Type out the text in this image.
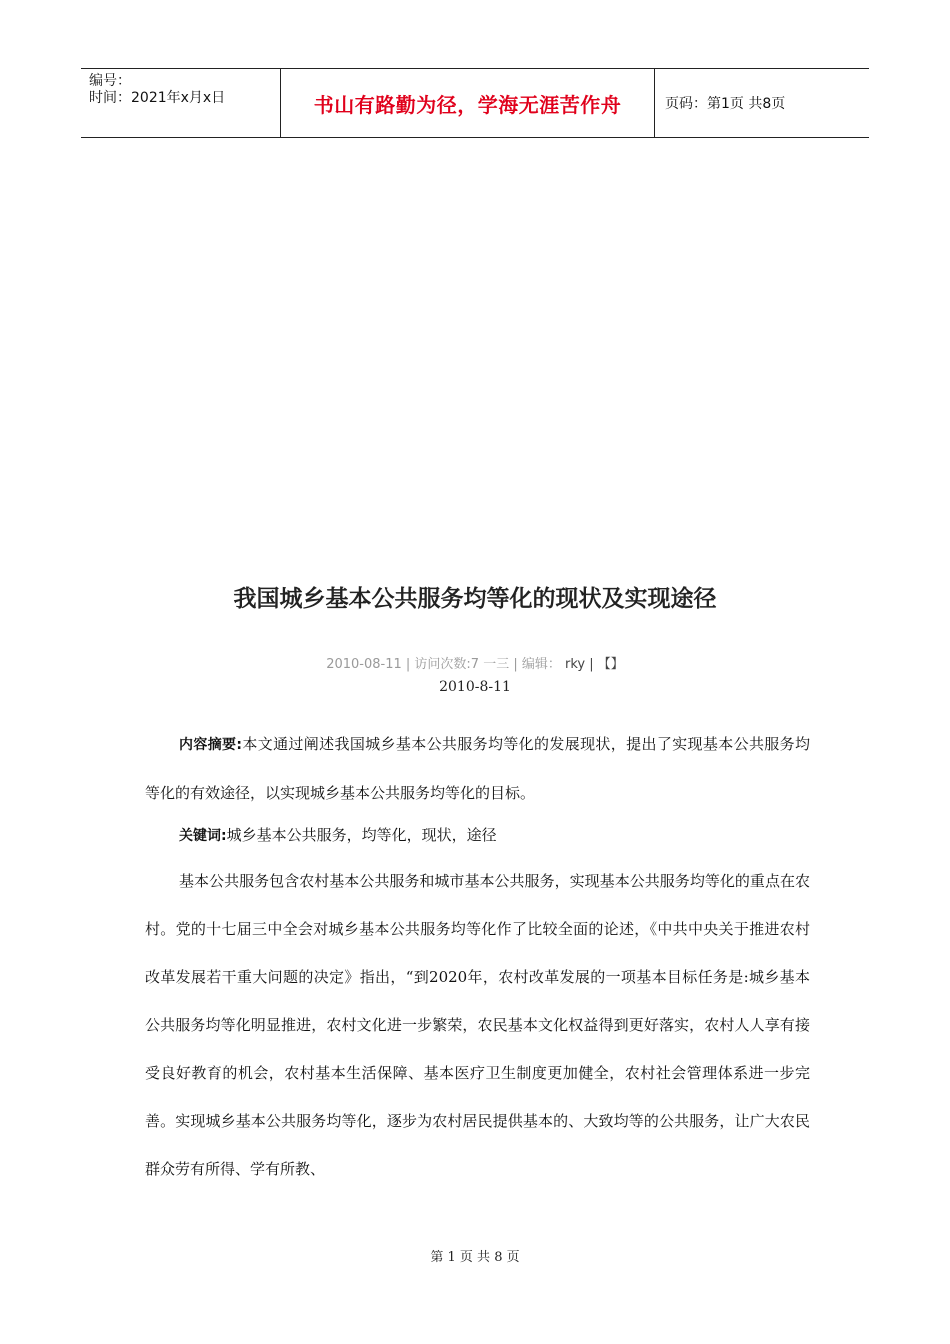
编号：
时间：2021年x月x日	书山有路勤为径，学海无涯苦作舟	页码：第1页 共8页
我国城乡基本公共服务均等化的现状及实现途径
2010-08-11 | 访问次数:7 一三 | 编辑： rky | 【】
2010-8-11

内容摘要:本文通过阐述我国城乡基本公共服务均等化的发展现状，提出了实现基本公共服务均等化的有效途径，以实现城乡基本公共服务均等化的目标。

关键词:城乡基本公共服务，均等化，现状，途径

基本公共服务包含农村基本公共服务和城市基本公共服务，实现基本公共服务均等化的重点在农村。党的十七届三中全会对城乡基本公共服务均等化作了比较全面的论述，《中共中央关于推进农村改革发展若干重大问题的决定》指出，“到2020年，农村改革发展的一项基本目标任务是:城乡基本公共服务均等化明显推进，农村文化进一步繁荣，农民基本文化权益得到更好落实，农村人人享有接受良好教育的机会，农村基本生活保障、基本医疗卫生制度更加健全，农村社会管理体系进一步完善。实现城乡基本公共服务均等化，逐步为农村居民提供基本的、大致均等的公共服务，让广大农民群众劳有所得、学有所教、

第 1 页 共 8 页
